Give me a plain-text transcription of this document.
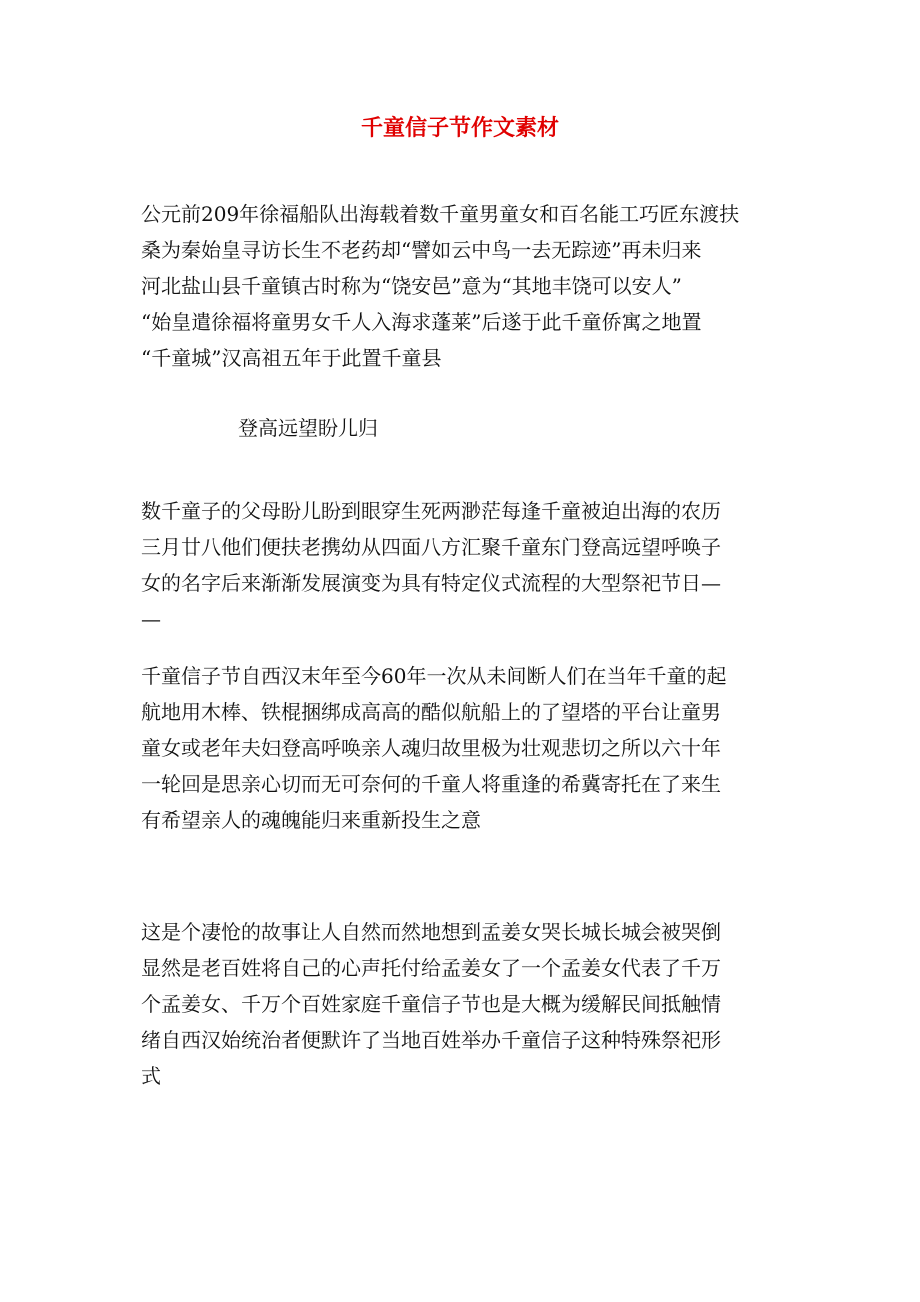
千童信子节作文素材
公元前209年徐福船队出海载着数千童男童女和百名能工巧匠东渡扶
桑为秦始皇寻访长生不老药却“譬如云中鸟一去无踪迹”再未归来
河北盐山县千童镇古时称为“饶安邑”意为“其地丰饶可以安人”
“始皇遣徐福将童男女千人入海求蓬莱”后遂于此千童侨寓之地置
“千童城”汉高祖五年于此置千童县
登高远望盼儿归
数千童子的父母盼儿盼到眼穿生死两渺茫每逢千童被迫出海的农历
三月廿八他们便扶老携幼从四面八方汇聚千童东门登高远望呼唤子
女的名字后来渐渐发展演变为具有特定仪式流程的大型祭祀节日—
—
千童信子节自西汉末年至今60年一次从未间断人们在当年千童的起
航地用木棒、铁棍捆绑成高高的酷似航船上的了望塔的平台让童男
童女或老年夫妇登高呼唤亲人魂归故里极为壮观悲切之所以六十年
一轮回是思亲心切而无可奈何的千童人将重逢的希冀寄托在了来生
有希望亲人的魂魄能归来重新投生之意
这是个凄怆的故事让人自然而然地想到孟姜女哭长城长城会被哭倒
显然是老百姓将自己的心声托付给孟姜女了一个孟姜女代表了千万
个孟姜女、千万个百姓家庭千童信子节也是大概为缓解民间抵触情
绪自西汉始统治者便默许了当地百姓举办千童信子这种特殊祭祀形
式
